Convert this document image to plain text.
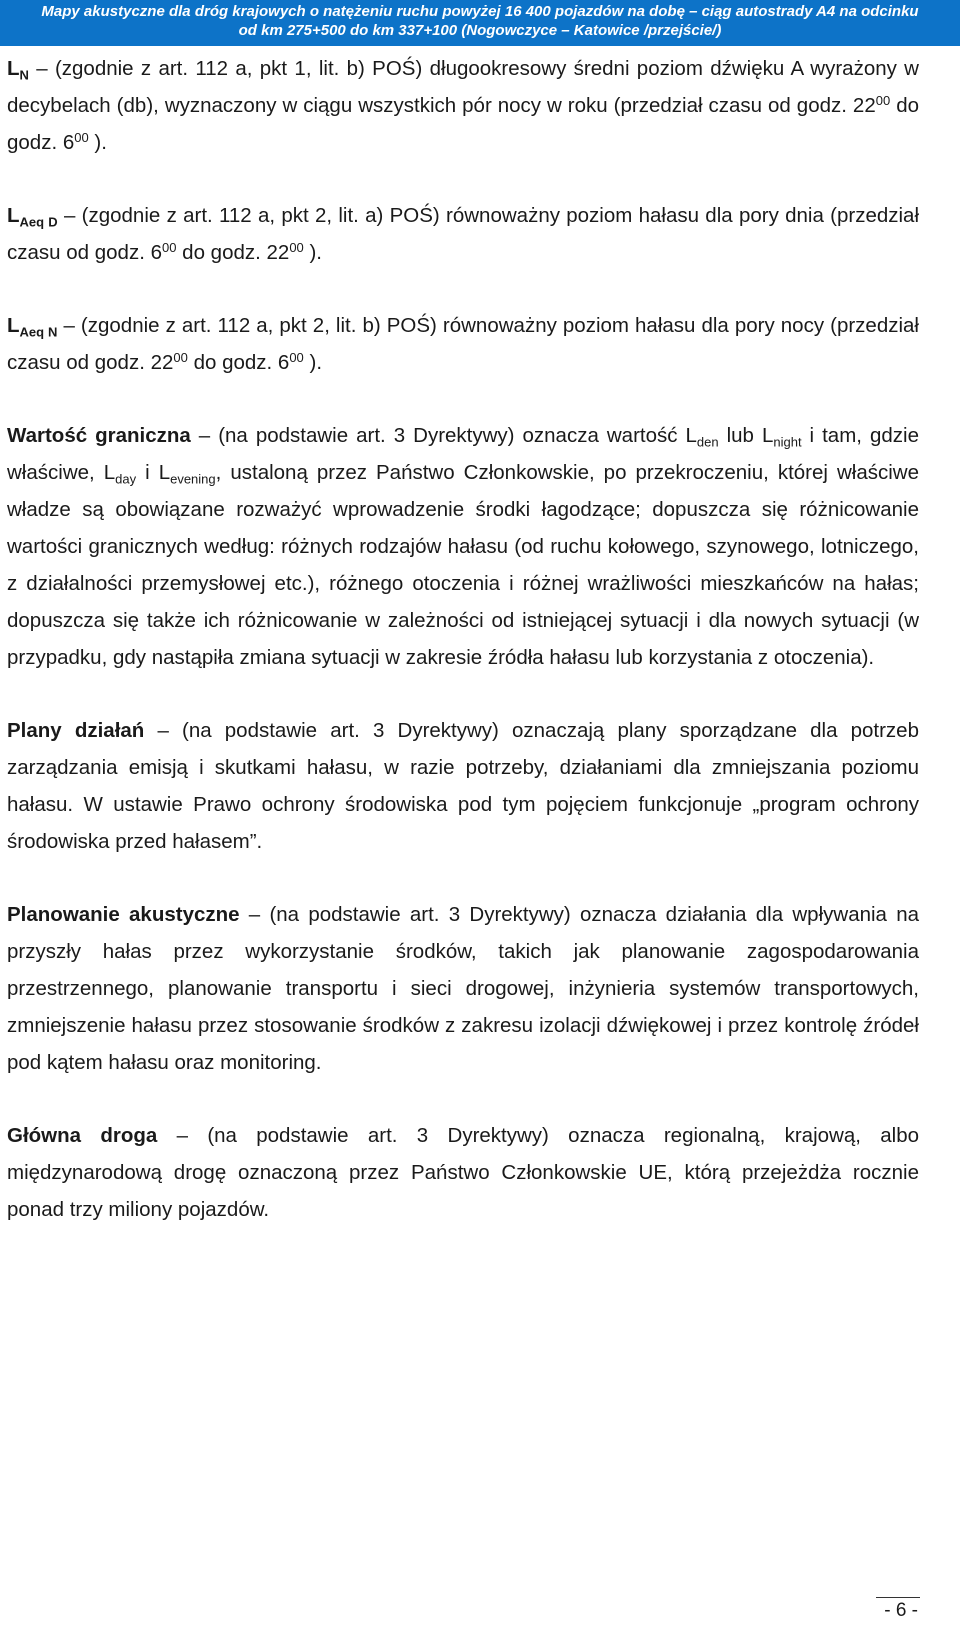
Mapy akustyczne dla dróg krajowych o natężeniu ruchu powyżej 16 400 pojazdów na dobę – ciąg autostrady A4 na odcinku
od km 275+500 do km 337+100 (Nogowczyce – Katowice /przejście/)

$L_N$ – (zgodnie z art. 112 a, pkt 1, lit. b) POŚ) długookresowy średni poziom dźwięku A wyrażony w decybelach (db), wyznaczony w ciągu wszystkich pór nocy w roku (przedział czasu od godz. $22^{00}$ do godz. $6^{00}$ ).

$L_{Aeq D}$ – (zgodnie z art. 112 a, pkt 2, lit. a) POŚ) równoważny poziom hałasu dla pory dnia (przedział czasu od godz. $6^{00}$ do godz. $22^{00}$ ).

$L_{Aeq N}$ – (zgodnie z art. 112 a, pkt 2, lit. b) POŚ) równoważny poziom hałasu dla pory nocy (przedział czasu od godz. $22^{00}$ do godz. $6^{00}$ ).

Wartość graniczna – (na podstawie art. 3 Dyrektywy) oznacza wartość $L_{den}$ lub $L_{night}$ i tam, gdzie właściwe, $L_{day}$ i $L_{evening}$, ustaloną przez Państwo Członkowskie, po przekroczeniu, której właściwe władze są obowiązane rozważyć wprowadzenie środki łagodzące; dopuszcza się różnicowanie wartości granicznych według: różnych rodzajów hałasu (od ruchu kołowego, szynowego, lotniczego, z działalności przemysłowej etc.), różnego otoczenia i różnej wrażliwości mieszkańców na hałas; dopuszcza się także ich różnicowanie w zależności od istniejącej sytuacji i dla nowych sytuacji (w przypadku, gdy nastąpiła zmiana sytuacji w zakresie źródła hałasu lub korzystania z otoczenia).

Plany działań – (na podstawie art. 3 Dyrektywy) oznaczają plany sporządzane dla potrzeb zarządzania emisją i skutkami hałasu, w razie potrzeby, działaniami dla zmniejszania poziomu hałasu. W ustawie Prawo ochrony środowiska pod tym pojęciem funkcjonuje „program ochrony środowiska przed hałasem”.

Planowanie akustyczne – (na podstawie art. 3 Dyrektywy) oznacza działania dla wpływania na przyszły hałas przez wykorzystanie środków, takich jak planowanie zagospodarowania przestrzennego, planowanie transportu i sieci drogowej, inżynieria systemów transportowych, zmniejszenie hałasu przez stosowanie środków z zakresu izolacji dźwiękowej i przez kontrolę źródeł pod kątem hałasu oraz monitoring.

Główna droga – (na podstawie art. 3 Dyrektywy) oznacza regionalną, krajową, albo międzynarodową drogę oznaczoną przez Państwo Członkowskie UE, którą przejeżdża rocznie ponad trzy miliony pojazdów.

- 6 -
